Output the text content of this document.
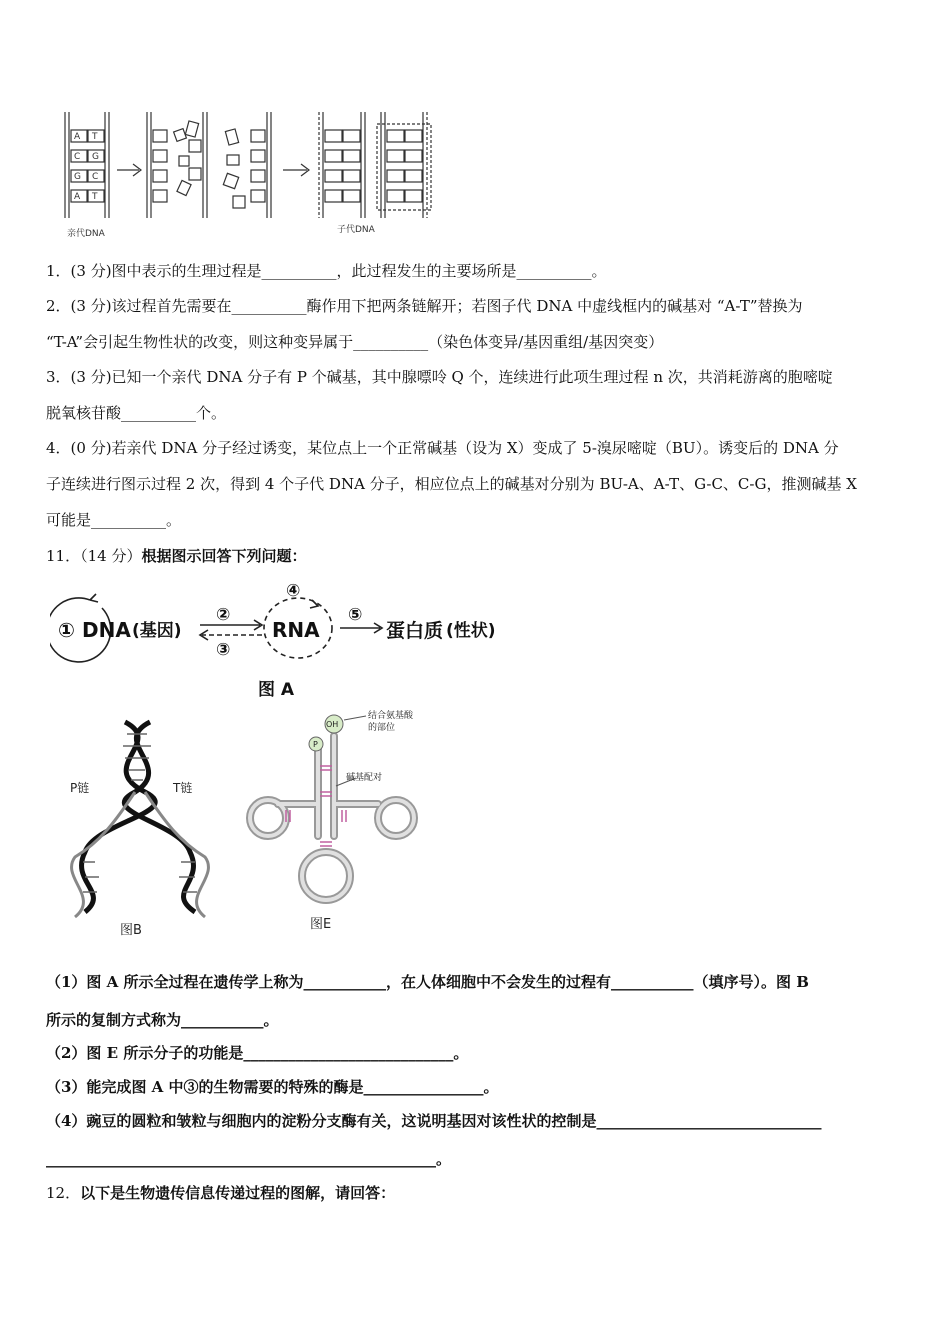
A T
C G
G C
A T
亲代DNA	子代DNA
1．(3 分)图中表示的生理过程是__________，此过程发生的主要场所是__________。
2．(3 分)该过程首先需要在__________酶作用下把两条链解开；若图子代 DNA 中虚线框内的碱基对 “A-T”替换为
“T-A”会引起生物性状的改变，则这种变异属于__________（染色体变异/基因重组/基因突变）
3．(3 分)已知一个亲代 DNA 分子有 P 个碱基，其中腺嘌呤 Q 个，连续进行此项生理过程 n 次，共消耗游离的胞嘧啶
脱氧核苷酸__________个。
4．(0 分)若亲代 DNA 分子经过诱变，某位点上一个正常碱基（设为 X）变成了 5-溴尿嘧啶（BU）。诱变后的 DNA 分
子连续进行图示过程 2 次，得到 4 个子代 DNA 分子，相应位点上的碱基对分别为 BU-A、A-T、G-C、C-G，推测碱基 X
可能是__________。
11．（14 分）根据图示回答下列问题：
① DNA (基因)
②
③
④
RNA
⑤
蛋白质 (性状)
图 A
P链	T链
图B
OH
P
结合氨基酸
的部位
碱基配对
图E
（1）图 A 所示全过程在遗传学上称为___________，在人体细胞中不会发生的过程有___________（填序号）。图 B
所示的复制方式称为___________。
（2）图 E 所示分子的功能是____________________________。
（3）能完成图 A 中③的生物需要的特殊的酶是________________。
（4）豌豆的圆粒和皱粒与细胞内的淀粉分支酶有关，这说明基因对该性状的控制是______________________________
____________________________________________________。
12．以下是生物遗传信息传递过程的图解，请回答：
